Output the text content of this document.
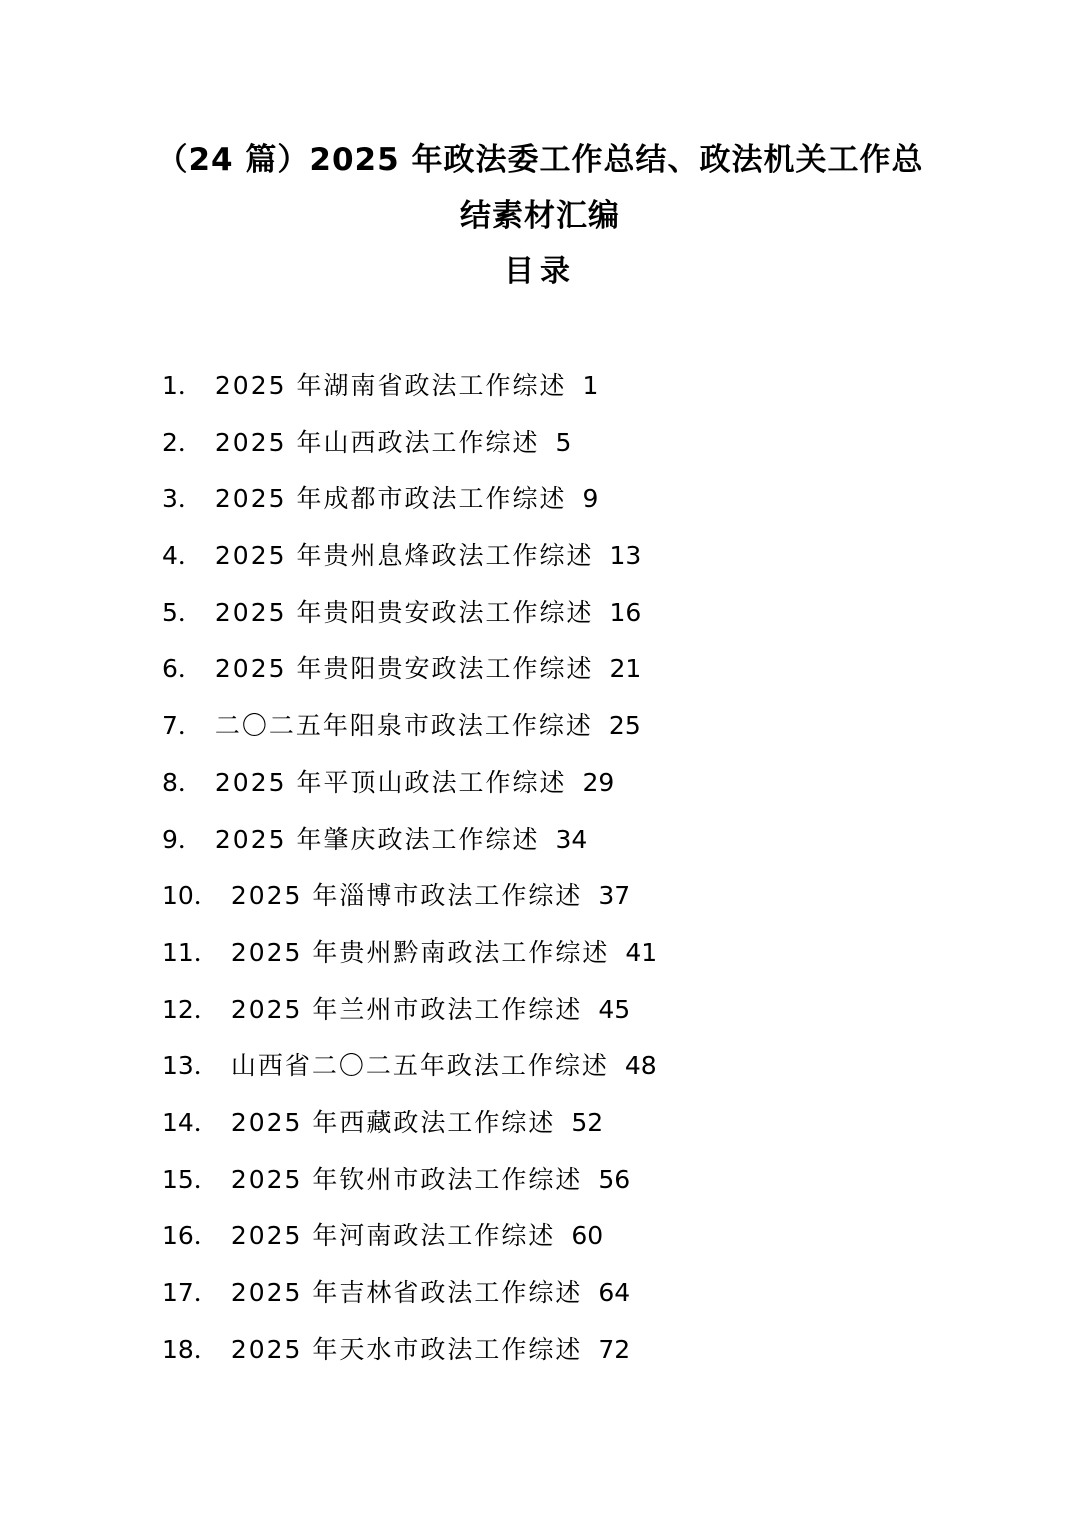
（24 篇）2025 年政法委工作总结、政法机关工作总
结素材汇编
目录
1． 2025 年湖南省政法工作综述 1
2． 2025 年山西政法工作综述 5
3． 2025 年成都市政法工作综述 9
4． 2025 年贵州息烽政法工作综述 13
5． 2025 年贵阳贵安政法工作综述 16
6． 2025 年贵阳贵安政法工作综述 21
7． 二〇二五年阳泉市政法工作综述 25
8． 2025 年平顶山政法工作综述 29
9． 2025 年肇庆政法工作综述 34
10． 2025 年淄博市政法工作综述 37
11． 2025 年贵州黔南政法工作综述 41
12． 2025 年兰州市政法工作综述 45
13． 山西省二〇二五年政法工作综述 48
14． 2025 年西藏政法工作综述 52
15． 2025 年钦州市政法工作综述 56
16． 2025 年河南政法工作综述 60
17． 2025 年吉林省政法工作综述 64
18． 2025 年天水市政法工作综述 72
